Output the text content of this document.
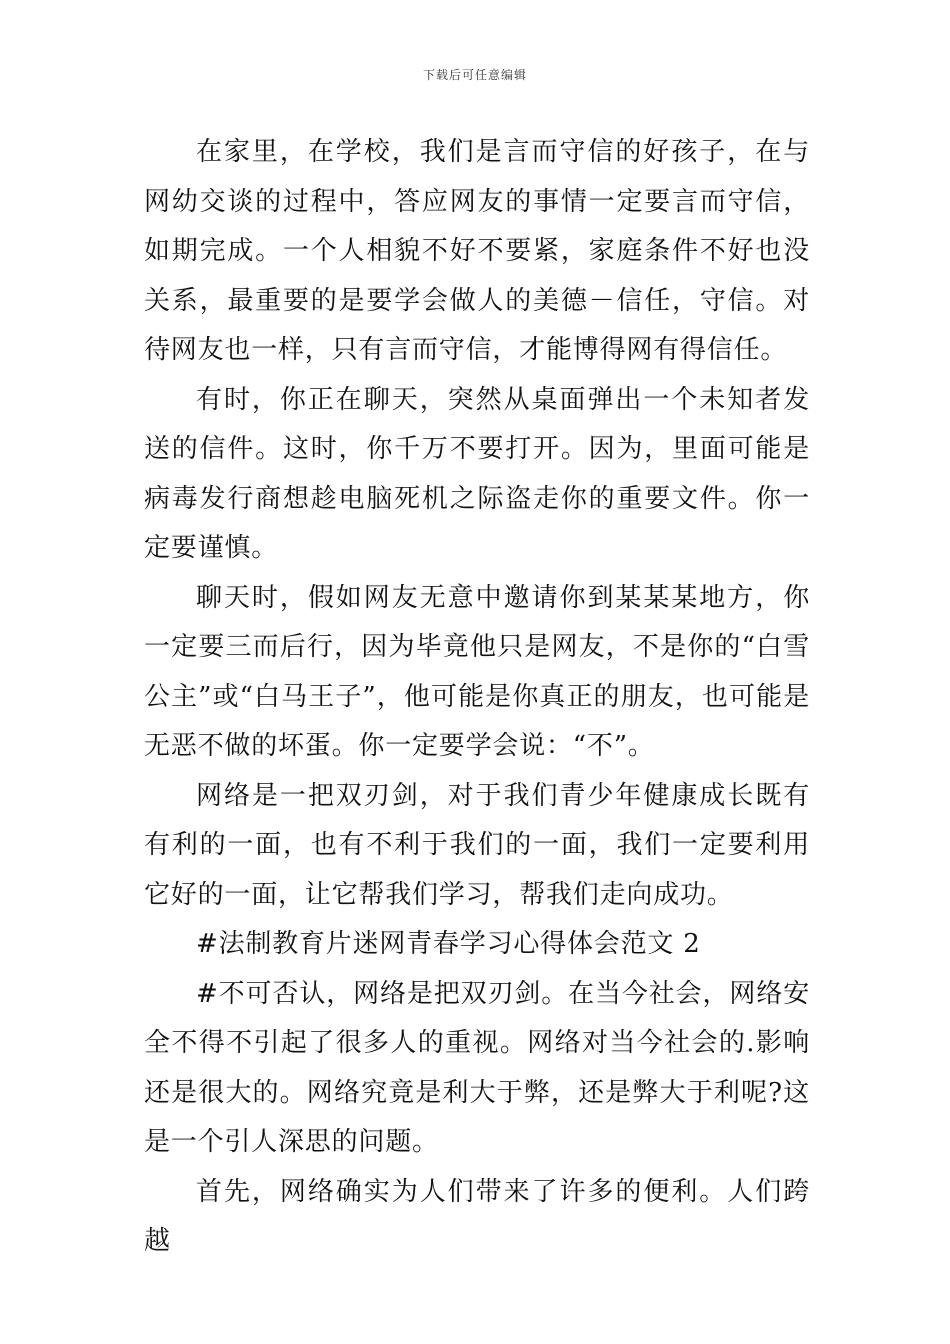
下载后可任意编辑

在家里，在学校，我们是言而守信的好孩子，在与网幼交谈的过程中，答应网友的事情一定要言而守信，如期完成。一个人相貌不好不要紧，家庭条件不好也没关系，最重要的是要学会做人的美德－信任，守信。对待网友也一样，只有言而守信，才能博得网有得信任。

有时，你正在聊天，突然从桌面弹出一个未知者发送的信件。这时，你千万不要打开。因为，里面可能是病毒发行商想趁电脑死机之际盗走你的重要文件。你一定要谨慎。

聊天时，假如网友无意中邀请你到某某某地方，你一定要三而后行，因为毕竟他只是网友，不是你的“白雪公主”或“白马王子”，他可能是你真正的朋友，也可能是无恶不做的坏蛋。你一定要学会说：“不”。

网络是一把双刃剑，对于我们青少年健康成长既有有利的一面，也有不利于我们的一面，我们一定要利用它好的一面，让它帮我们学习，帮我们走向成功。

#法制教育片迷网青春学习心得体会范文 2

#不可否认，网络是把双刃剑。在当今社会，网络安全不得不引起了很多人的重视。网络对当今社会的.影响还是很大的。网络究竟是利大于弊，还是弊大于利呢?这是一个引人深思的问题。

首先，网络确实为人们带来了许多的便利。人们跨越
